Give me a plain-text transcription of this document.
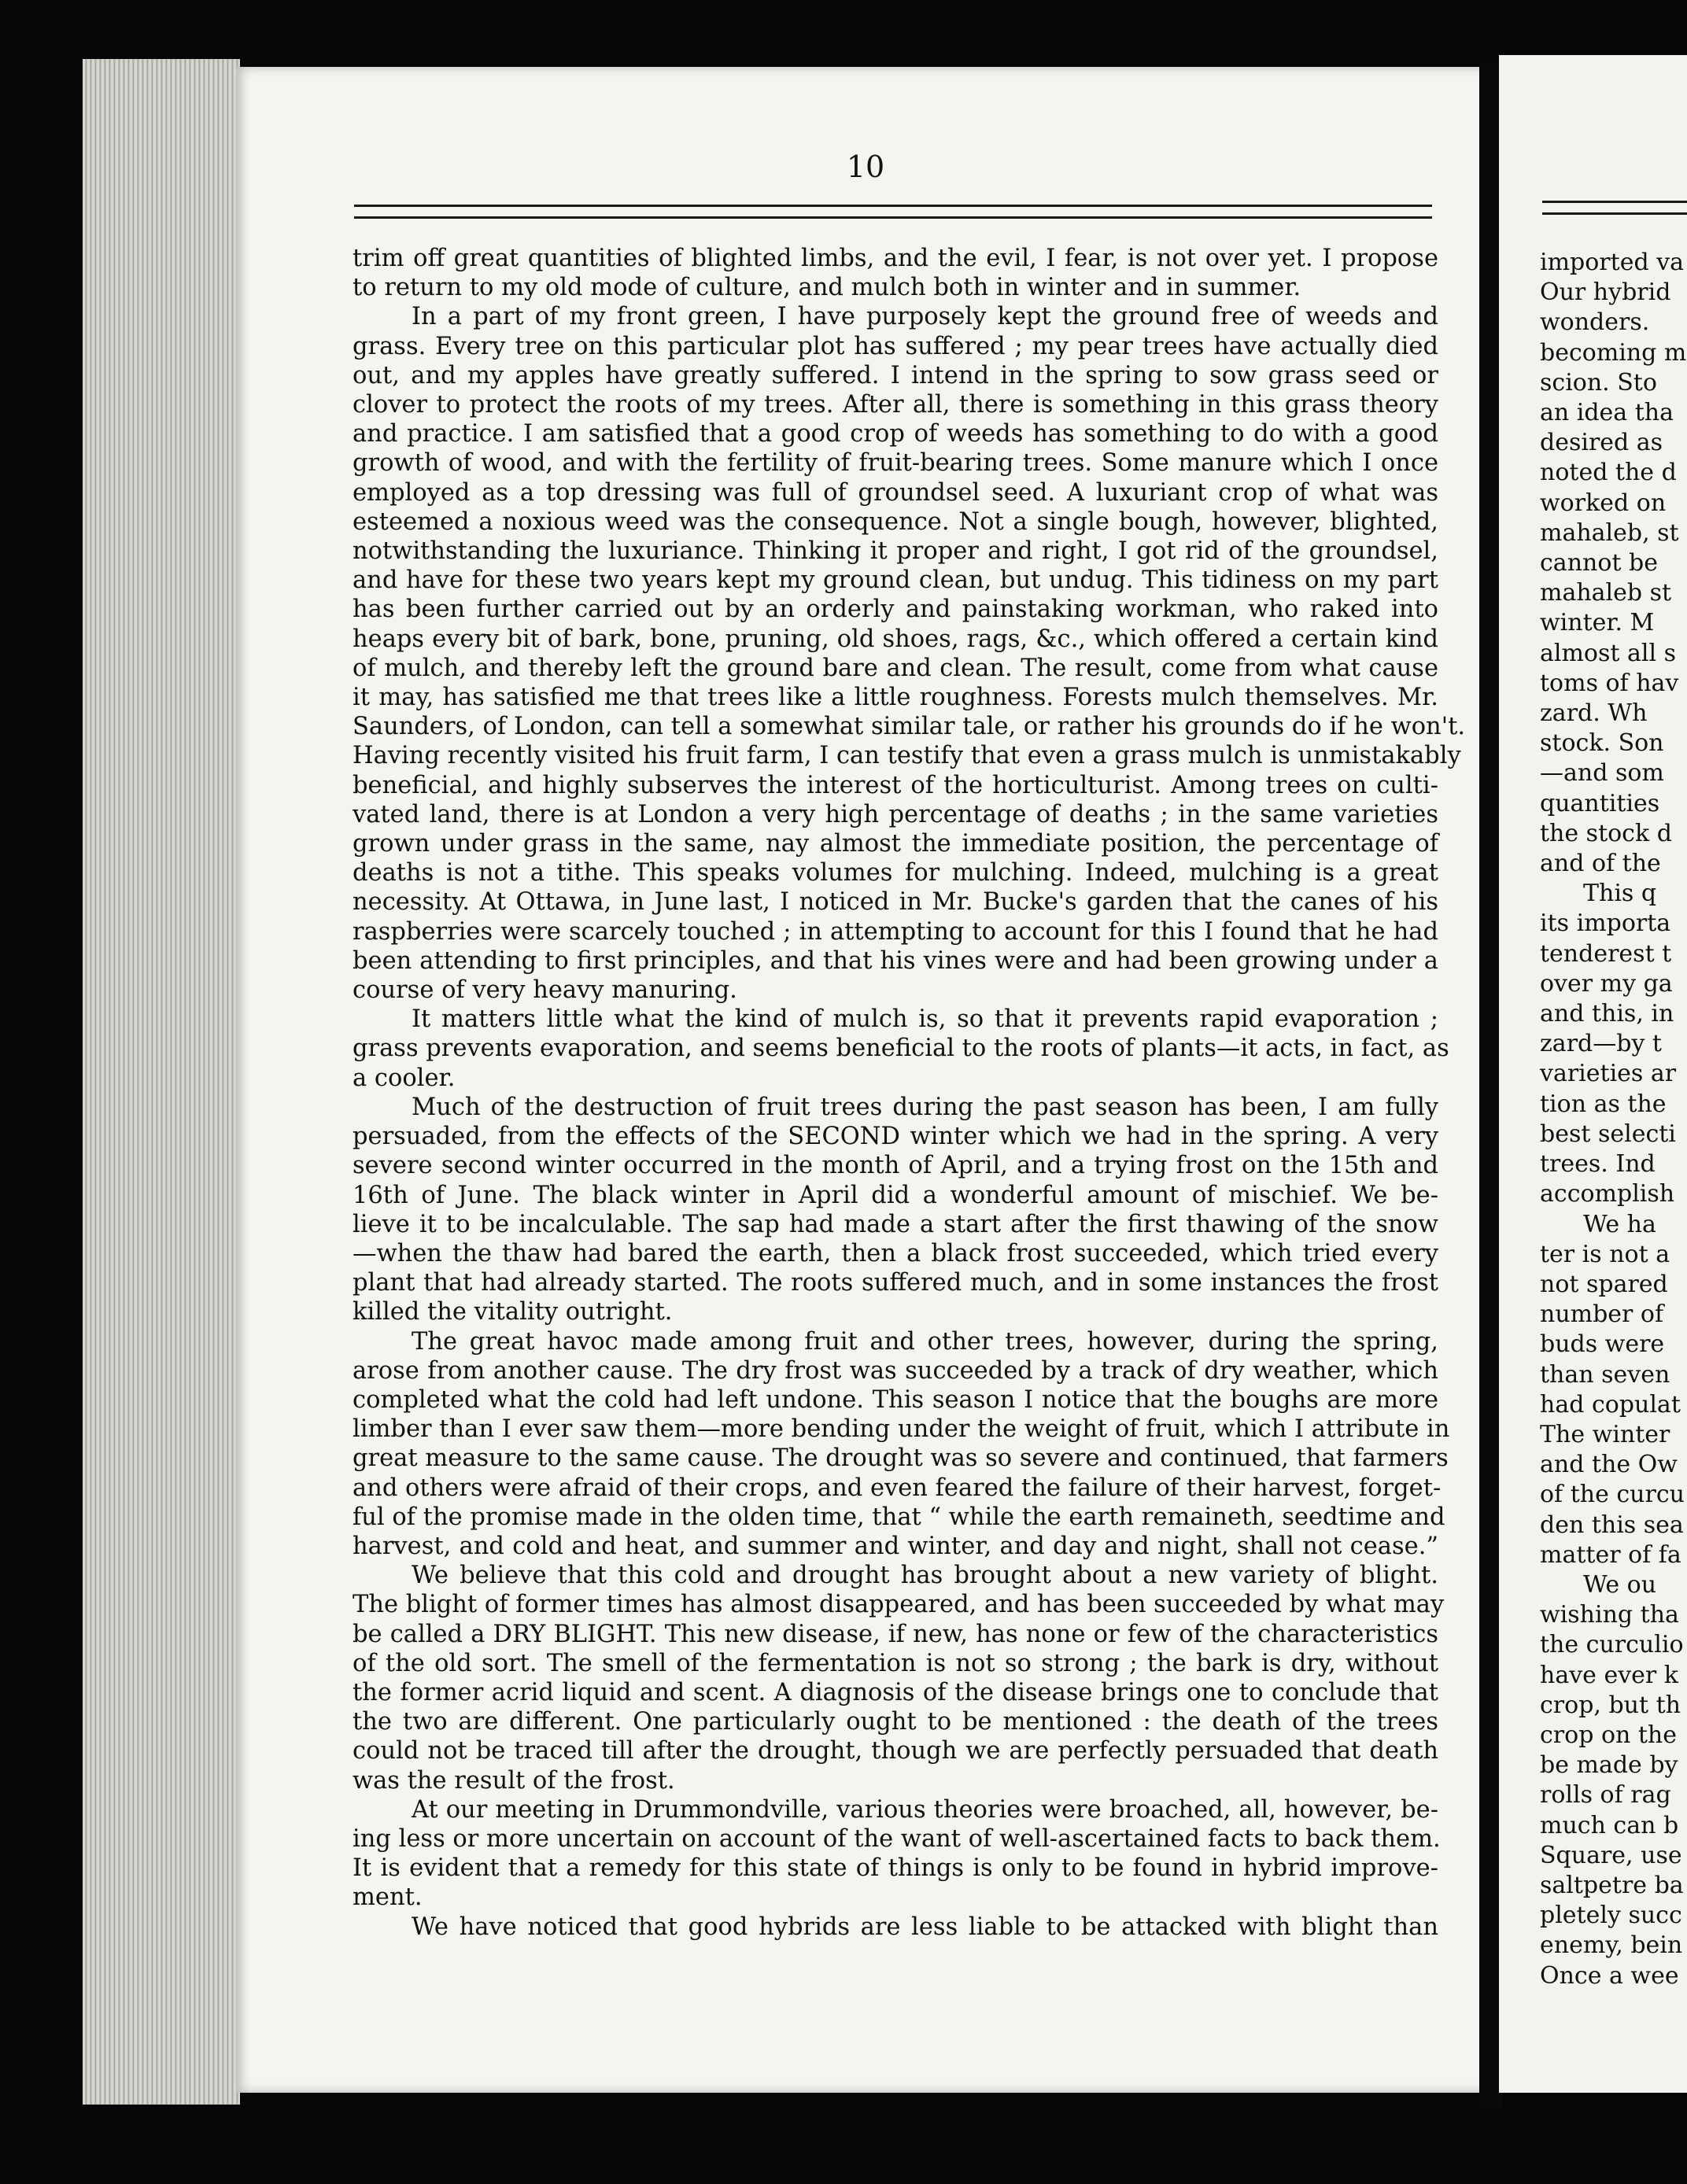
10
trim off great quantities of blighted limbs, and the evil, I fear, is not over yet. I propose
to return to my old mode of culture, and mulch both in winter and in summer.
In a part of my front green, I have purposely kept the ground free of weeds and
grass. Every tree on this particular plot has suffered ; my pear trees have actually died
out, and my apples have greatly suffered. I intend in the spring to sow grass seed or
clover to protect the roots of my trees. After all, there is something in this grass theory
and practice. I am satisfied that a good crop of weeds has something to do with a good
growth of wood, and with the fertility of fruit-bearing trees. Some manure which I once
employed as a top dressing was full of groundsel seed. A luxuriant crop of what was
esteemed a noxious weed was the consequence. Not a single bough, however, blighted,
notwithstanding the luxuriance. Thinking it proper and right, I got rid of the groundsel,
and have for these two years kept my ground clean, but undug. This tidiness on my part
has been further carried out by an orderly and painstaking workman, who raked into
heaps every bit of bark, bone, pruning, old shoes, rags, &c., which offered a certain kind
of mulch, and thereby left the ground bare and clean. The result, come from what cause
it may, has satisfied me that trees like a little roughness. Forests mulch themselves. Mr.
Saunders, of London, can tell a somewhat similar tale, or rather his grounds do if he won't.
Having recently visited his fruit farm, I can testify that even a grass mulch is unmistakably
beneficial, and highly subserves the interest of the horticulturist. Among trees on culti-
vated land, there is at London a very high percentage of deaths ; in the same varieties
grown under grass in the same, nay almost the immediate position, the percentage of
deaths is not a tithe. This speaks volumes for mulching. Indeed, mulching is a great
necessity. At Ottawa, in June last, I noticed in Mr. Bucke's garden that the canes of his
raspberries were scarcely touched ; in attempting to account for this I found that he had
been attending to first principles, and that his vines were and had been growing under a
course of very heavy manuring.
It matters little what the kind of mulch is, so that it prevents rapid evaporation ;
grass prevents evaporation, and seems beneficial to the roots of plants—it acts, in fact, as
a cooler.
Much of the destruction of fruit trees during the past season has been, I am fully
persuaded, from the effects of the SECOND winter which we had in the spring. A very
severe second winter occurred in the month of April, and a trying frost on the 15th and
16th of June. The black winter in April did a wonderful amount of mischief. We be-
lieve it to be incalculable. The sap had made a start after the first thawing of the snow
—when the thaw had bared the earth, then a black frost succeeded, which tried every
plant that had already started. The roots suffered much, and in some instances the frost
killed the vitality outright.
The great havoc made among fruit and other trees, however, during the spring,
arose from another cause. The dry frost was succeeded by a track of dry weather, which
completed what the cold had left undone. This season I notice that the boughs are more
limber than I ever saw them—more bending under the weight of fruit, which I attribute in
great measure to the same cause. The drought was so severe and continued, that farmers
and others were afraid of their crops, and even feared the failure of their harvest, forget-
ful of the promise made in the olden time, that “ while the earth remaineth, seedtime and
harvest, and cold and heat, and summer and winter, and day and night, shall not cease.”
We believe that this cold and drought has brought about a new variety of blight.
The blight of former times has almost disappeared, and has been succeeded by what may
be called a DRY BLIGHT. This new disease, if new, has none or few of the characteristics
of the old sort. The smell of the fermentation is not so strong ; the bark is dry, without
the former acrid liquid and scent. A diagnosis of the disease brings one to conclude that
the two are different. One particularly ought to be mentioned : the death of the trees
could not be traced till after the drought, though we are perfectly persuaded that death
was the result of the frost.
At our meeting in Drummondville, various theories were broached, all, however, be-
ing less or more uncertain on account of the want of well-ascertained facts to back them.
It is evident that a remedy for this state of things is only to be found in hybrid improve-
ment.
We have noticed that good hybrids are less liable to be attacked with blight than
imported va
Our hybrid
wonders.
becoming m
scion. Sto
an idea tha
desired as
noted the d
worked on
mahaleb, st
cannot be
mahaleb st
winter. M
almost all s
toms of hav
zard. Wh
stock. Son
—and som
quantities
the stock d
and of the
This q
its importa
tenderest t
over my ga
and this, in
zard—by t
varieties ar
tion as the
best selecti
trees. Ind
accomplish
We ha
ter is not a
not spared
number of
buds were
than seven
had copulat
The winter
and the Ow
of the curcu
den this sea
matter of fa
We ou
wishing tha
the curculio
have ever k
crop, but th
crop on the
be made by
rolls of rag
much can b
Square, use
saltpetre ba
pletely succ
enemy, bein
Once a wee
